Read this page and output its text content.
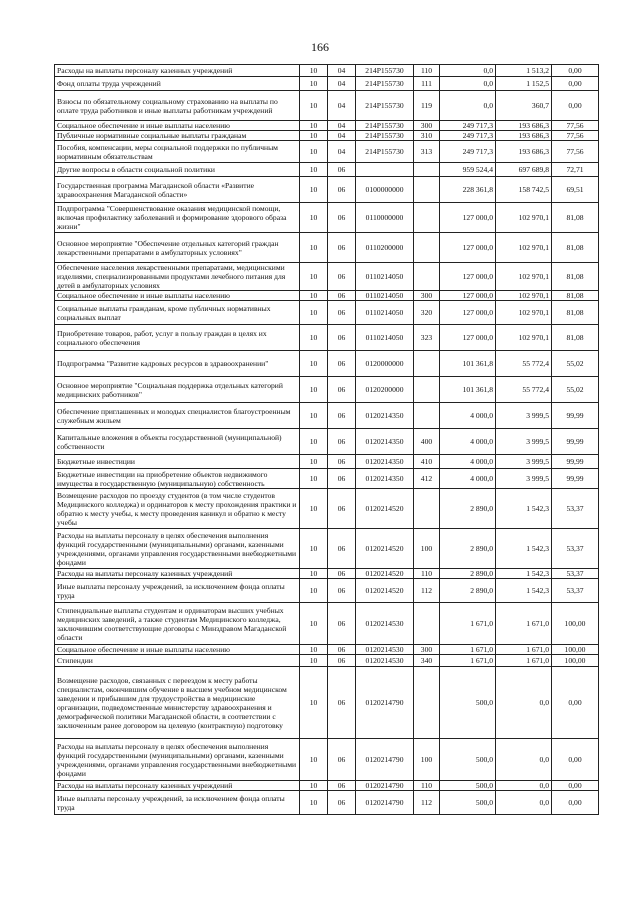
166
Расходы на выплаты персоналу казенных учреждений	10	04	214P155730	110	0,0	1 513,2	0,00
Фонд оплаты труда учреждений	10	04	214P155730	111	0,0	1 152,5	0,00
Взносы по обязательному социальному страхованию на выплаты по оплате труда работников и иные выплаты работникам учреждений	10	04	214P155730	119	0,0	360,7	0,00
Социальное обеспечение и иные выплаты населению	10	04	214P155730	300	249 717,3	193 686,3	77,56
Публичные нормативные социальные выплаты гражданам	10	04	214P155730	310	249 717,3	193 686,3	77,56
Пособия, компенсации, меры социальной поддержки по публичным нормативным обязательствам	10	04	214P155730	313	249 717,3	193 686,3	77,56
Другие вопросы в области социальной политики	10	06			959 524,4	697 689,8	72,71
Государственная программа Магаданской области «Развитие здравоохранения Магаданской области»	10	06	0100000000		228 361,8	158 742,5	69,51
Подпрограмма "Совершенствование оказания медицинской помощи, включая профилактику заболеваний и формирование здорового образа жизни"	10	06	0110000000		127 000,0	102 970,1	81,08
Основное мероприятие "Обеспечение отдельных категорий граждан лекарственными препаратами в амбулаторных условиях"	10	06	0110200000		127 000,0	102 970,1	81,08
Обеспечение населения лекарственными препаратами, медицинскими изделиями, специализированными продуктами лечебного питания для детей в амбулаторных условиях	10	06	0110214050		127 000,0	102 970,1	81,08
Социальное обеспечение и иные выплаты населению	10	06	0110214050	300	127 000,0	102 970,1	81,08
Социальные выплаты гражданам, кроме публичных нормативных социальных выплат	10	06	0110214050	320	127 000,0	102 970,1	81,08
Приобретение товаров, работ, услуг в пользу граждан в целях их социального обеспечения	10	06	0110214050	323	127 000,0	102 970,1	81,08
Подпрограмма "Развитие кадровых ресурсов в здравоохранении"	10	06	0120000000		101 361,8	55 772,4	55,02
Основное мероприятие "Социальная поддержка отдельных категорий медицинских работников"	10	06	0120200000		101 361,8	55 772,4	55,02
Обеспечение приглашенных и молодых специалистов благоустроенным служебным жильем	10	06	0120214350		4 000,0	3 999,5	99,99
Капитальные вложения в объекты государственной (муниципальной) собственности	10	06	0120214350	400	4 000,0	3 999,5	99,99
Бюджетные инвестиции	10	06	0120214350	410	4 000,0	3 999,5	99,99
Бюджетные инвестиции на приобретение объектов недвижимого имущества в государственную (муниципальную) собственность	10	06	0120214350	412	4 000,0	3 999,5	99,99
Возмещение расходов по проезду студентов (в том числе студентов Медицинского колледжа) и ординаторов к месту прохождения практики и обратно к месту учебы, к месту проведения каникул и обратно к месту учебы	10	06	0120214520		2 890,0	1 542,3	53,37
Расходы на выплаты персоналу в целях обеспечения выполнения функций государственными (муниципальными) органами, казенными учреждениями, органами управления государственными внебюджетными фондами	10	06	0120214520	100	2 890,0	1 542,3	53,37
Расходы на выплаты персоналу казенных учреждений	10	06	0120214520	110	2 890,0	1 542,3	53,37
Иные выплаты персоналу учреждений, за исключением фонда оплаты труда	10	06	0120214520	112	2 890,0	1 542,3	53,37
Стипендиальные выплаты студентам и ординаторам высших учебных медицинских заведений, а также студентам Медицинского колледжа, заключившим соответствующие договоры с Минздравом Магаданской области	10	06	0120214530		1 671,0	1 671,0	100,00
Социальное обеспечение и иные выплаты населению	10	06	0120214530	300	1 671,0	1 671,0	100,00
Стипендии	10	06	0120214530	340	1 671,0	1 671,0	100,00
Возмещение расходов, связанных с переездом к месту работы специалистам, окончившим обучение в высшем учебном медицинском заведении и прибывшим для трудоустройства в медицинские организации, подведомственные министерству здравоохранения и демографической политики Магаданской области, в соответствии с заключенным ранее договором на целевую (контрактную) подготовку	10	06	0120214790		500,0	0,0	0,00
Расходы на выплаты персоналу в целях обеспечения выполнения функций государственными (муниципальными) органами, казенными учреждениями, органами управления государственными внебюджетными фондами	10	06	0120214790	100	500,0	0,0	0,00
Расходы на выплаты персоналу казенных учреждений	10	06	0120214790	110	500,0	0,0	0,00
Иные выплаты персоналу учреждений, за исключением фонда оплаты труда	10	06	0120214790	112	500,0	0,0	0,00
